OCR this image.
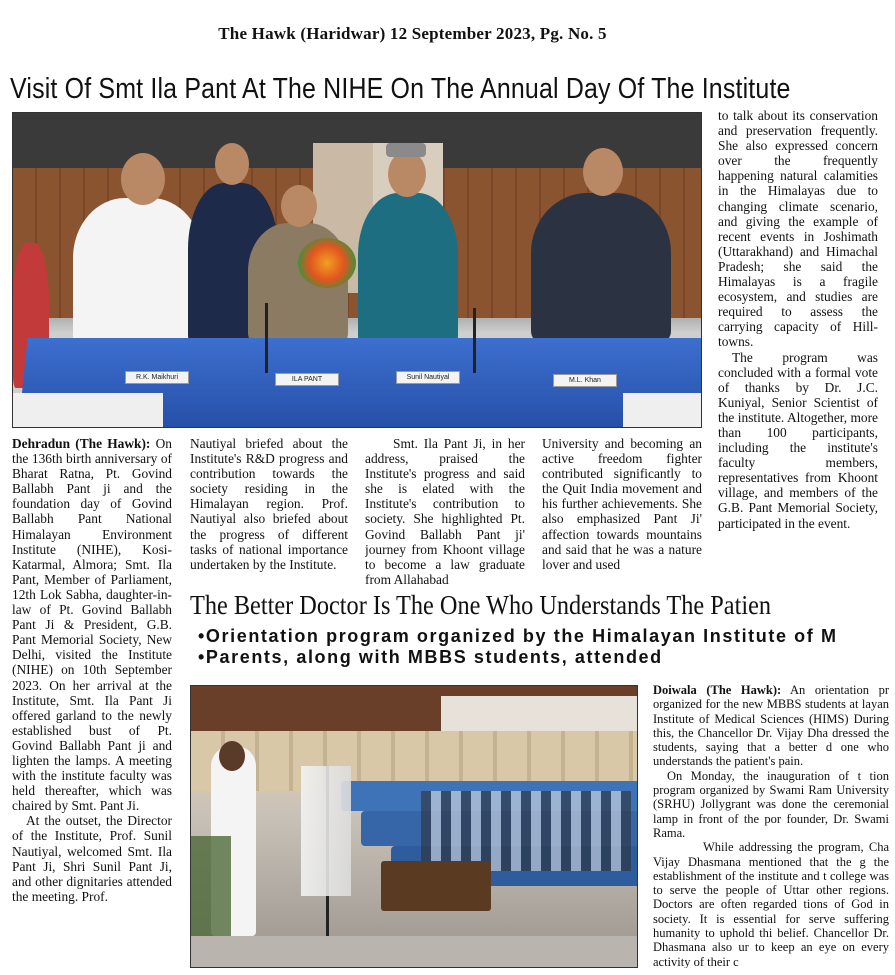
The Hawk (Haridwar) 12 September 2023, Pg. No. 5
Visit Of Smt Ila Pant At The NIHE On The Annual Day Of The Institute
R.K. Maikhuri	ILA PANT	Sunil Nautiyal	M.L. Khan

to talk about its conservation and preservation frequently. She also expressed concern over the frequently happening natural calamities in the Himalayas due to changing climate scenario, and giving the example of recent events in Joshimath (Uttarakhand) and Himachal Pradesh; she said the Himalayas is a fragile ecosystem, and studies are required to assess the carrying capacity of Hill-towns.

The program was concluded with a formal vote of thanks by Dr. J.C. Kuniyal, Senior Scientist of the institute. Altogether, more than 100 participants, including the institute's faculty members, representatives from Khoont village, and members of the G.B. Pant Memorial Society, participated in the event.

Dehradun (The Hawk): On the 136th birth anniversary of Bharat Ratna, Pt. Govind Ballabh Pant ji and the foundation day of Govind Ballabh Pant National Himalayan Environment Institute (NIHE), Kosi- Katarmal, Almora; Smt. Ila Pant, Member of Parliament, 12th Lok Sabha, daughter-in-law of Pt. Govind Ballabh Pant Ji & President, G.B. Pant Memorial Society, New Delhi, visited the Institute (NIHE) on 10th September 2023. On her arrival at the Institute, Smt. Ila Pant Ji offered garland to the newly established bust of Pt. Govind Ballabh Pant ji and lighten the lamps. A meeting with the institute faculty was held thereafter, which was chaired by Smt. Pant Ji.

At the outset, the Director of the Institute, Prof. Sunil Nautiyal, welcomed Smt. Ila Pant Ji, Shri Sunil Pant Ji, and other dignitaries attended the meeting. Prof.

Nautiyal briefed about the Institute's R&D progress and contribution towards the society residing in the Himalayan region. Prof. Nautiyal also briefed about the progress of different tasks of national importance undertaken by the Institute.

Smt. Ila Pant Ji, in her address, praised the Institute's progress and said she is elated with the Institute's contribution to society. She highlighted Pt. Govind Ballabh Pant ji' journey from Khoont village to become a law graduate from Allahabad

University and becoming an active freedom fighter contributed significantly to the Quit India movement and his further achievements. She also emphasized Pant Ji' affection towards mountains and said that he was a nature lover and used

The Better Doctor Is The One Who Understands The Patien
•Orientation program organized by the Himalayan Institute of M
•Parents, along with MBBS students, attended

Doiwala (The Hawk): An orientation pr organized for the new MBBS students at layan Institute of Medical Sciences (HIMS) During this, the Chancellor Dr. Vijay Dha dressed the students, saying that a better d one who understands the patient's pain.

On Monday, the inauguration of t tion program organized by Swami Ram University (SRHU) Jollygrant was done the ceremonial lamp in front of the por founder, Dr. Swami Rama.

While addressing the program, Cha Vijay Dhasmana mentioned that the g the establishment of the institute and t college was to serve the people of Uttar other regions. Doctors are often regarded tions of God in society. It is essential for serve suffering humanity to uphold thi belief. Chancellor Dr. Dhasmana also ur to keep an eye on every activity of their c
